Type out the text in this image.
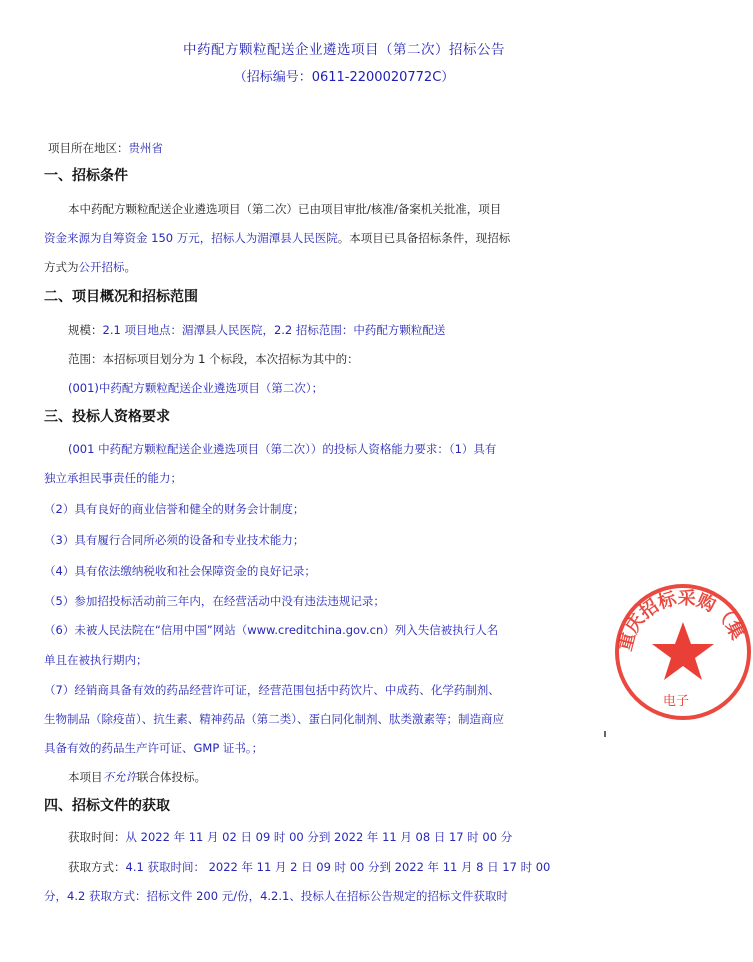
中药配方颗粒配送企业遴选项目（第二次）招标公告
（招标编号：0611-2200020772C）
项目所在地区：贵州省
一、招标条件
本中药配方颗粒配送企业遴选项目（第二次）已由项目审批/核准/备案机关批准，项目
资金来源为自筹资金 150 万元，招标人为湄潭县人民医院。本项目已具备招标条件，现招标
方式为公开招标。
二、项目概况和招标范围
规模：2.1 项目地点：湄潭县人民医院，2.2 招标范围：中药配方颗粒配送
范围：本招标项目划分为 1 个标段，本次招标为其中的：
(001)中药配方颗粒配送企业遴选项目（第二次）；
三、投标人资格要求
(001 中药配方颗粒配送企业遴选项目（第二次））的投标人资格能力要求：（1）具有
独立承担民事责任的能力；
（2）具有良好的商业信誉和健全的财务会计制度；
（3）具有履行合同所必须的设备和专业技术能力；
（4）具有依法缴纳税收和社会保障资金的良好记录；
（5）参加招投标活动前三年内，在经营活动中没有违法违规记录；
（6）未被人民法院在“信用中国”网站（www.creditchina.gov.cn）列入失信被执行人名
单且在被执行期内；
（7）经销商具备有效的药品经营许可证，经营范围包括中药饮片、中成药、化学药制剂、
生物制品（除疫苗）、抗生素、精神药品（第二类）、蛋白同化制剂、肽类激素等；制造商应
具备有效的药品生产许可证、GMP 证书。；
本项目不允许联合体投标。
四、招标文件的获取
获取时间：从 2022 年 11 月 02 日 09 时 00 分到 2022 年 11 月 08 日 17 时 00 分
获取方式：4.1 获取时间： 2022 年 11 月 2 日 09 时 00 分到 2022 年 11 月 8 日 17 时 00
分，4.2 获取方式：招标文件 200 元/份，4.2.1、投标人在招标公告规定的招标文件获取时
重庆招标采购（集
电子
